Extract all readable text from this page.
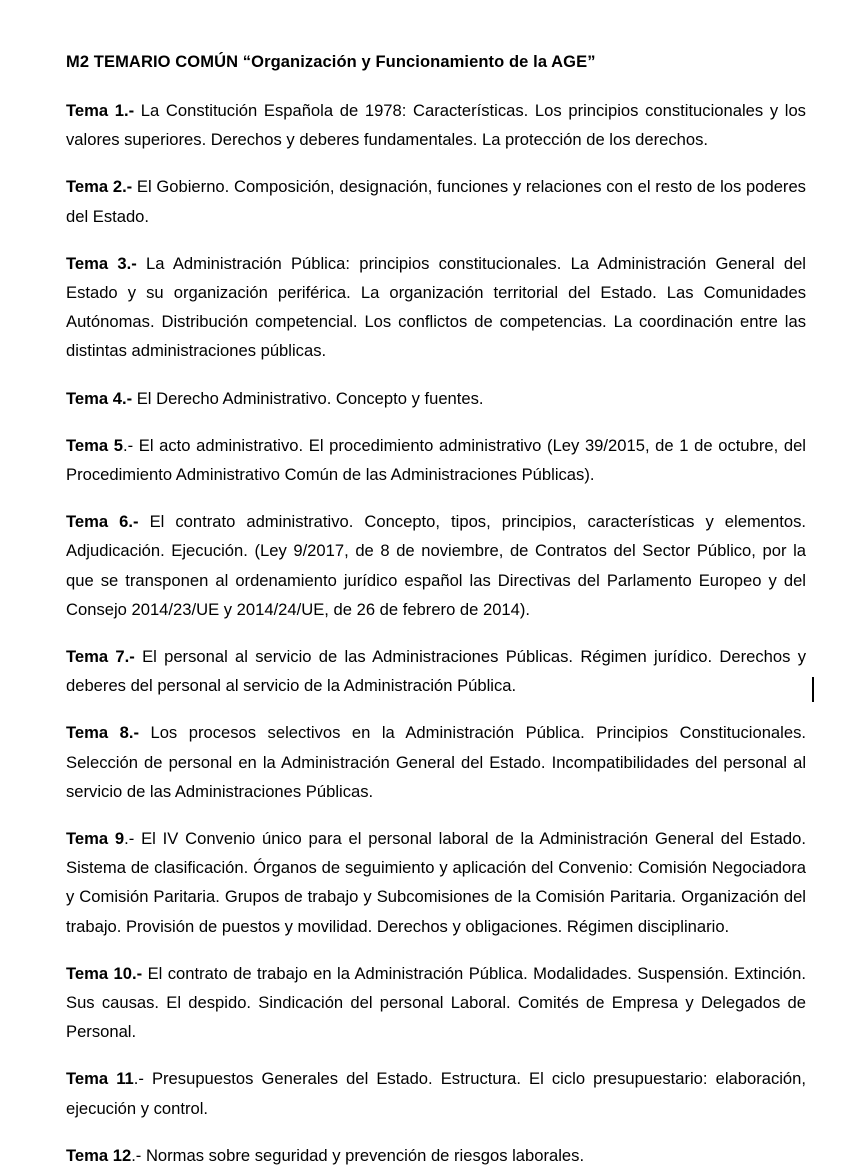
M2 TEMARIO COMÚN “Organización y Funcionamiento de la AGE”

Tema 1.- La Constitución Española de 1978: Características. Los principios constitucionales y los valores superiores. Derechos y deberes fundamentales. La protección de los derechos.

Tema 2.- El Gobierno. Composición, designación, funciones y relaciones con el resto de los poderes del Estado.

Tema 3.- La Administración Pública: principios constitucionales. La Administración General del Estado y su organización periférica. La organización territorial del Estado. Las Comunidades Autónomas. Distribución competencial. Los conflictos de competencias. La coordinación entre las distintas administraciones públicas.

Tema 4.- El Derecho Administrativo. Concepto y fuentes.

Tema 5.- El acto administrativo. El procedimiento administrativo (Ley 39/2015, de 1 de octubre, del Procedimiento Administrativo Común de las Administraciones Públicas).

Tema 6.- El contrato administrativo. Concepto, tipos, principios, características y elementos. Adjudicación. Ejecución. (Ley 9/2017, de 8 de noviembre, de Contratos del Sector Público, por la que se transponen al ordenamiento jurídico español las Directivas del Parlamento Europeo y del Consejo 2014/23/UE y 2014/24/UE, de 26 de febrero de 2014).

Tema 7.- El personal al servicio de las Administraciones Públicas. Régimen jurídico. Derechos y deberes del personal al servicio de la Administración Pública.

Tema 8.- Los procesos selectivos en la Administración Pública. Principios Constitucionales. Selección de personal en la Administración General del Estado. Incompatibilidades del personal al servicio de las Administraciones Públicas.

Tema 9.- El IV Convenio único para el personal laboral de la Administración General del Estado. Sistema de clasificación. Órganos de seguimiento y aplicación del Convenio: Comisión Negociadora y Comisión Paritaria. Grupos de trabajo y Subcomisiones de la Comisión Paritaria. Organización del trabajo. Provisión de puestos y movilidad. Derechos y obligaciones. Régimen disciplinario.

Tema 10.- El contrato de trabajo en la Administración Pública. Modalidades. Suspensión. Extinción. Sus causas. El despido. Sindicación del personal Laboral. Comités de Empresa y Delegados de Personal.

Tema 11.- Presupuestos Generales del Estado. Estructura. El ciclo presupuestario: elaboración, ejecución y control.

Tema 12.- Normas sobre seguridad y prevención de riesgos laborales.
